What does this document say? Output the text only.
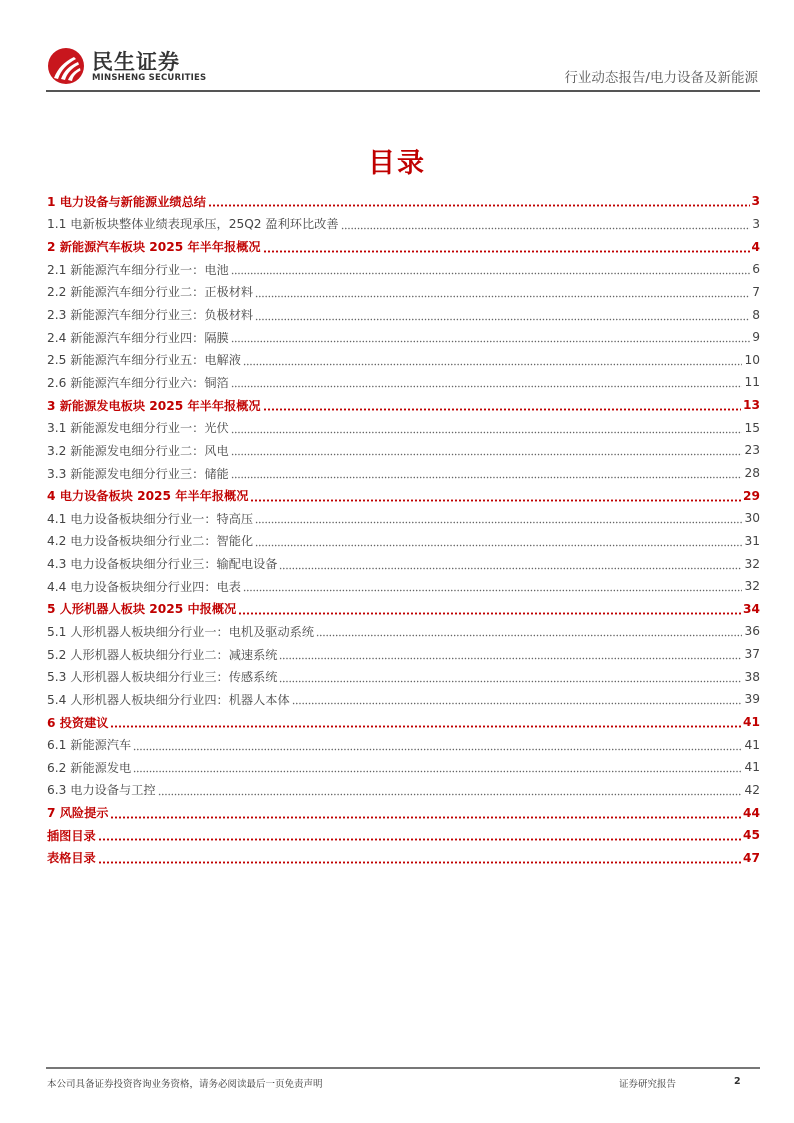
民生证券
MINSHENG SECURITIES	行业动态报告/电力设备及新能源
目录
1 电力设备与新能源业绩总结	3
1.1 电新板块整体业绩表现承压，25Q2 盈利环比改善	3
2 新能源汽车板块 2025 年半年报概况	4
2.1 新能源汽车细分行业一：电池	6
2.2 新能源汽车细分行业二：正极材料	7
2.3 新能源汽车细分行业三：负极材料	8
2.4 新能源汽车细分行业四：隔膜	9
2.5 新能源汽车细分行业五：电解液	10
2.6 新能源汽车细分行业六：铜箔	11
3 新能源发电板块 2025 年半年报概况	13
3.1 新能源发电细分行业一：光伏	15
3.2 新能源发电细分行业二：风电	23
3.3 新能源发电细分行业三：储能	28
4 电力设备板块 2025 年半年报概况	29
4.1 电力设备板块细分行业一：特高压	30
4.2 电力设备板块细分行业二：智能化	31
4.3 电力设备板块细分行业三：输配电设备	32
4.4 电力设备板块细分行业四：电表	32
5 人形机器人板块 2025 中报概况	34
5.1 人形机器人板块细分行业一：电机及驱动系统	36
5.2 人形机器人板块细分行业二：减速系统	37
5.3 人形机器人板块细分行业三：传感系统	38
5.4 人形机器人板块细分行业四：机器人本体	39
6 投资建议	41
6.1 新能源汽车	41
6.2 新能源发电	41
6.3 电力设备与工控	42
7 风险提示	44
插图目录	45
表格目录	47
本公司具备证券投资咨询业务资格，请务必阅读最后一页免责声明	证券研究报告	2
